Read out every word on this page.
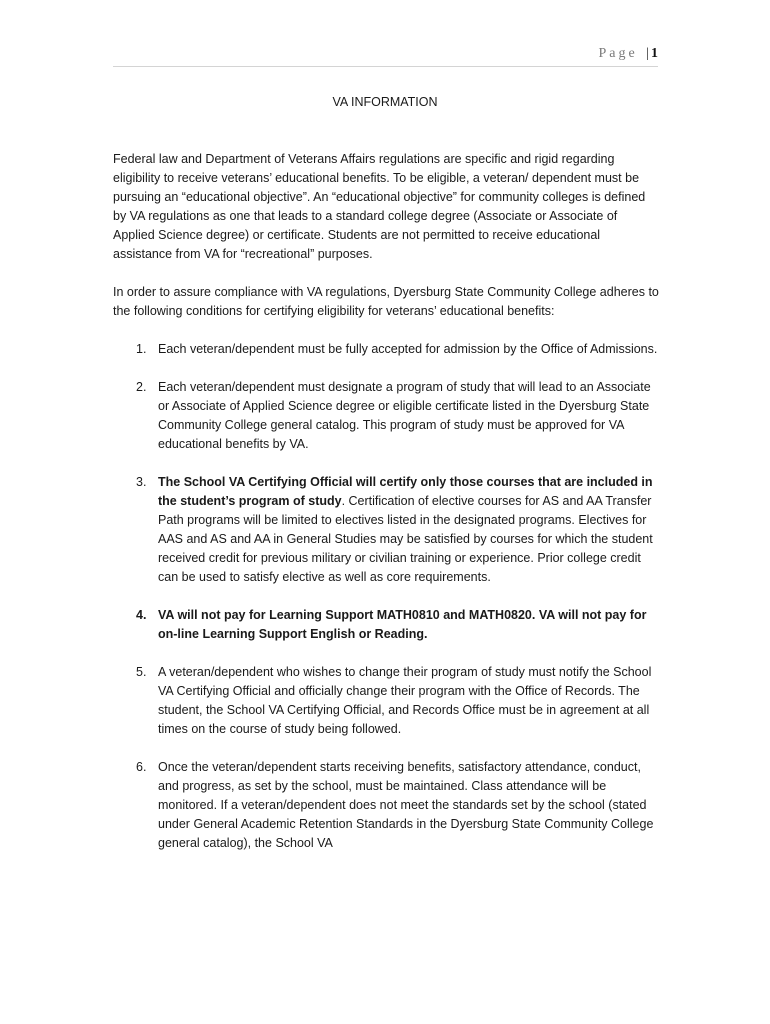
Page | 1
VA INFORMATION

Federal law and Department of Veterans Affairs regulations are specific and rigid regarding eligibility to receive veterans’ educational benefits. To be eligible, a veteran/ dependent must be pursuing an “educational objective”. An “educational objective” for community colleges is defined by VA regulations as one that leads to a standard college degree (Associate or Associate of Applied Science degree) or certificate. Students are not permitted to receive educational assistance from VA for “recreational” purposes.

In order to assure compliance with VA regulations, Dyersburg State Community College adheres to the following conditions for certifying eligibility for veterans’ educational benefits:

1. Each veteran/dependent must be fully accepted for admission by the Office of Admissions.
2. Each veteran/dependent must designate a program of study that will lead to an Associate or Associate of Applied Science degree or eligible certificate listed in the Dyersburg State Community College general catalog. This program of study must be approved for VA educational benefits by VA.
3. The School VA Certifying Official will certify only those courses that are included in the student’s program of study. Certification of elective courses for AS and AA Transfer Path programs will be limited to electives listed in the designated programs. Electives for AAS and AS and AA in General Studies may be satisfied by courses for which the student received credit for previous military or civilian training or experience. Prior college credit can be used to satisfy elective as well as core requirements.
4. VA will not pay for Learning Support MATH0810 and MATH0820. VA will not pay for on-line Learning Support English or Reading.
5. A veteran/dependent who wishes to change their program of study must notify the School VA Certifying Official and officially change their program with the Office of Records. The student, the School VA Certifying Official, and Records Office must be in agreement at all times on the course of study being followed.
6. Once the veteran/dependent starts receiving benefits, satisfactory attendance, conduct, and progress, as set by the school, must be maintained. Class attendance will be monitored. If a veteran/dependent does not meet the standards set by the school (stated under General Academic Retention Standards in the Dyersburg State Community College general catalog), the School VA
